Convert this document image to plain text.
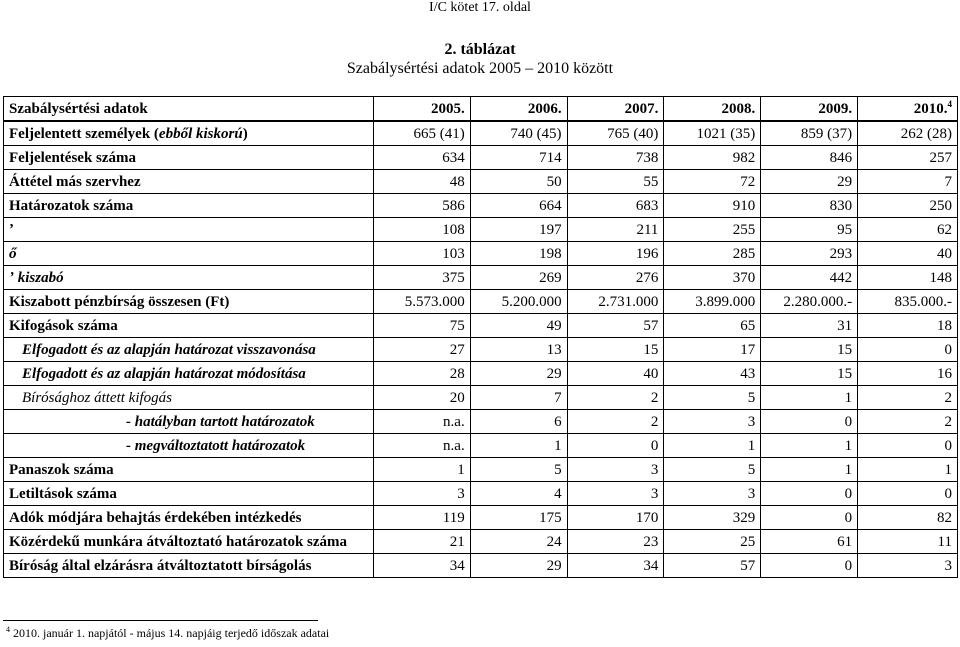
I/C kötet 17. oldal
2. táblázat
Szabálysértési adatok 2005 – 2010 között
Szabálysértési adatok	2005.	2006.	2007.	2008.	2009.	2010.$^4$
Feljelentett személyek (ebből kiskorú)	665 (41)	740 (45)	765 (40)	1021 (35)	859 (37)	262 (28)
Feljelentések száma	634	714	738	982	846	257
Áttétel más szervhez	48	50	55	72	29	7
Határozatok száma	586	664	683	910	830	250
ʼ	108	197	211	255	95	62
ő	103	198	196	285	293	40
ʼ kiszabó	375	269	276	370	442	148
Kiszabott pénzbírság összesen (Ft)	5.573.000	5.200.000	2.731.000	3.899.000	2.280.000.-	835.000.-
Kifogások száma	75	49	57	65	31	18
Elfogadott és az alapján határozat visszavonása	27	13	15	17	15	0
Elfogadott és az alapján határozat módosítása	28	29	40	43	15	16
Bírósághoz áttett kifogás	20	7	2	5	1	2
- hatályban tartott határozatok	n.a.	6	2	3	0	2
- megváltoztatott határozatok	n.a.	1	0	1	1	0
Panaszok száma	1	5	3	5	1	1
Letiltások száma	3	4	3	3	0	0
Adók módjára behajtás érdekében intézkedés	119	175	170	329	0	82
Közérdekű munkára átváltoztató határozatok száma	21	24	23	25	61	11
Bíróság által elzárásra átváltoztatott bírságolás	34	29	34	57	0	3
$^4$ 2010. január 1. napjától - május 14. napjáig terjedő időszak adatai
